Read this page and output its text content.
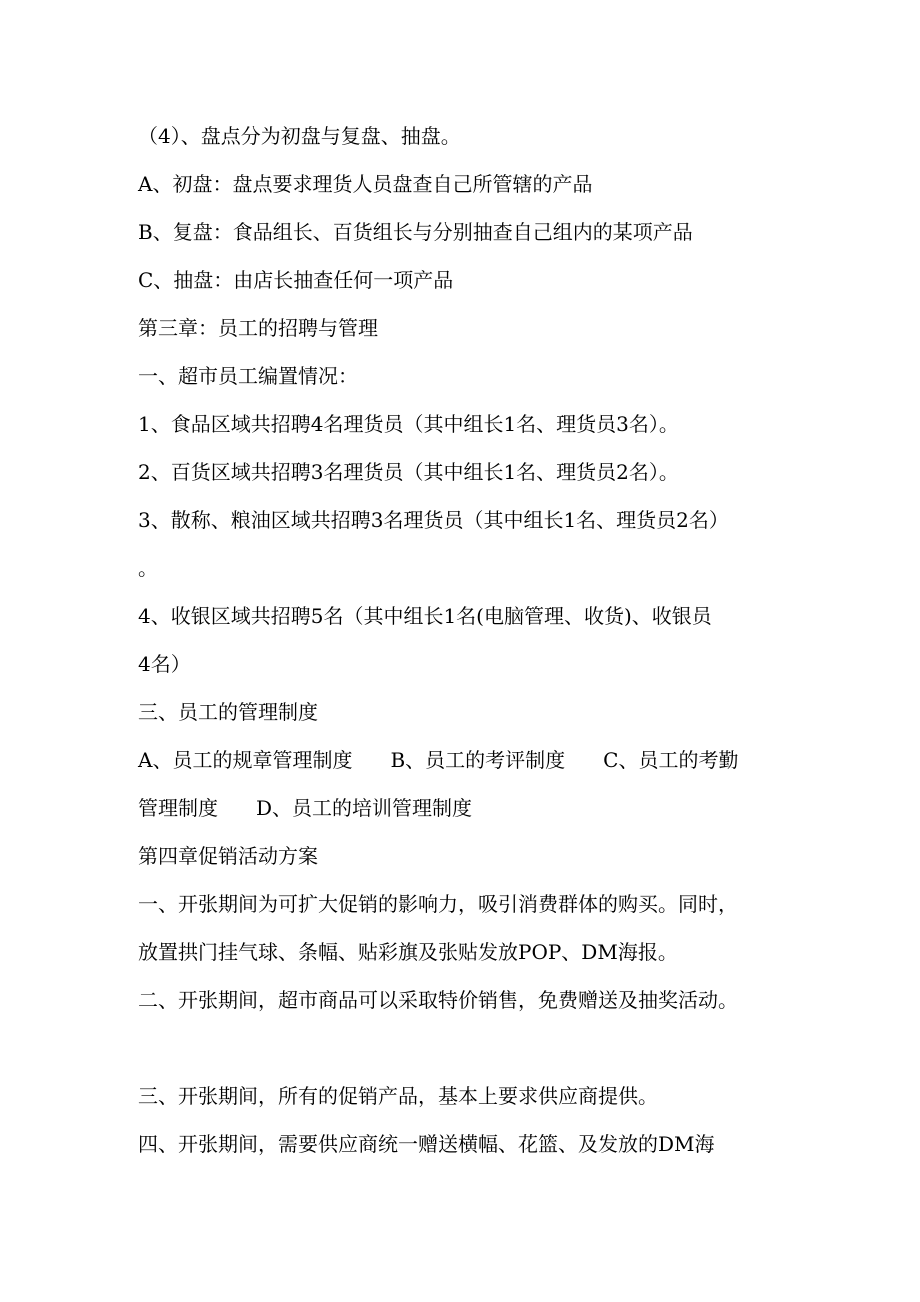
（4）、盘点分为初盘与复盘、抽盘。
A、初盘：盘点要求理货人员盘查自己所管辖的产品
B、复盘：食品组长、百货组长与分别抽查自己组内的某项产品
C、抽盘：由店长抽查任何一项产品
第三章：员工的招聘与管理
一、超市员工编置情况：
1、食品区域共招聘4名理货员（其中组长1名、理货员3名）。
2、百货区域共招聘3名理货员（其中组长1名、理货员2名）。
3、散称、粮油区域共招聘3名理货员（其中组长1名、理货员2名）
。
4、收银区域共招聘5名（其中组长1名(电脑管理、收货)、收银员
4名）
三、员工的管理制度
A、员工的规章管理制度 B、员工的考评制度 C、员工的考勤
管理制度 D、员工的培训管理制度
第四章促销活动方案
一、开张期间为可扩大促销的影响力，吸引消费群体的购买。同时，
放置拱门挂气球、条幅、贴彩旗及张贴发放POP、DM海报。
二、开张期间，超市商品可以采取特价销售，免费赠送及抽奖活动。
三、开张期间，所有的促销产品，基本上要求供应商提供。
四、开张期间，需要供应商统一赠送横幅、花篮、及发放的DM海
